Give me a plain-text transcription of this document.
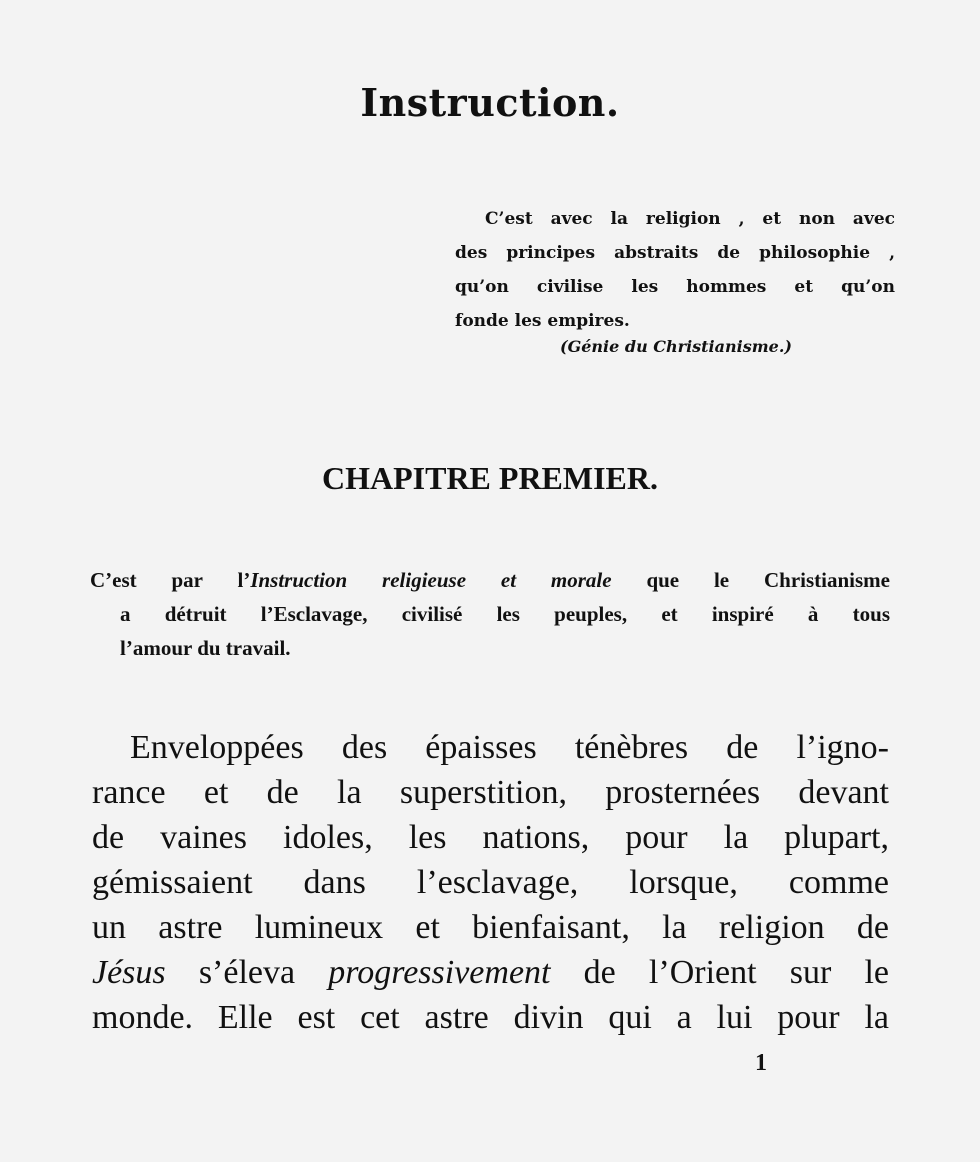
Instruction.
C’est avec la religion , et non avec
des principes abstraits de philosophie ,
qu’on civilise les hommes et qu’on
fonde les empires.
(Génie du Christianisme.)
CHAPITRE PREMIER.
C’est par l’Instruction religieuse et morale que le Christianisme
a détruit l’Esclavage, civilisé les peuples, et inspiré à tous
l’amour du travail.
Enveloppées des épaisses ténèbres de l’igno-
rance et de la superstition, prosternées devant
de vaines idoles, les nations, pour la plupart,
gémissaient dans l’esclavage, lorsque, comme
un astre lumineux et bienfaisant, la religion de
Jésus s’éleva progressivement de l’Orient sur le
monde. Elle est cet astre divin qui a lui pour la
1
